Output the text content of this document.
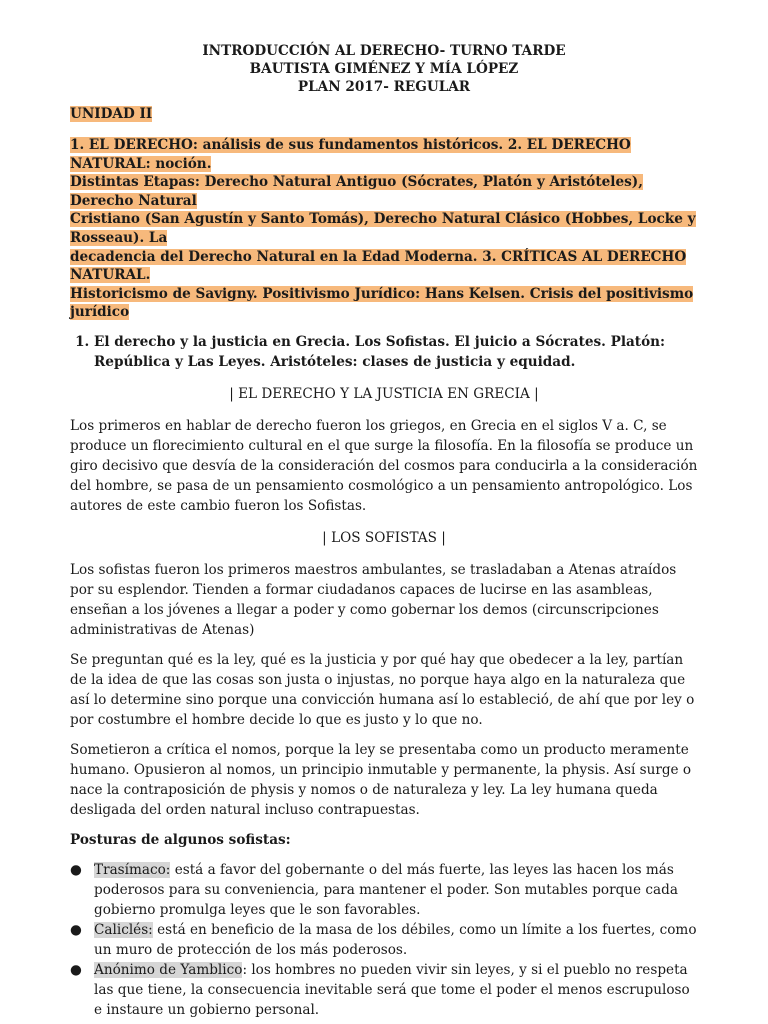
INTRODUCCIÓN AL DERECHO- TURNO TARDE
BAUTISTA GIMÉNEZ Y MÍA LÓPEZ
PLAN 2017- REGULAR
UNIDAD II
1. EL DERECHO: análisis de sus fundamentos históricos. 2. EL DERECHO NATURAL: noción.
Distintas Etapas: Derecho Natural Antiguo (Sócrates, Platón y Aristóteles), Derecho Natural
Cristiano (San Agustín y Santo Tomás), Derecho Natural Clásico (Hobbes, Locke y Rosseau). La
decadencia del Derecho Natural en la Edad Moderna. 3. CRÍTICAS AL DERECHO NATURAL.
Historicismo de Savigny. Positivismo Jurídico: Hans Kelsen. Crisis del positivismo jurídico
1. El derecho y la justicia en Grecia. Los Sofistas. El juicio a Sócrates. Platón: República y Las Leyes. Aristóteles: clases de justicia y equidad.
| EL DERECHO Y LA JUSTICIA EN GRECIA |

Los primeros en hablar de derecho fueron los griegos, en Grecia en el siglos V a. C, se produce un florecimiento cultural en el que surge la filosofía. En la filosofía se produce un giro decisivo que desvía de la consideración del cosmos para conducirla a la consideración del hombre, se pasa de un pensamiento cosmológico a un pensamiento antropológico. Los autores de este cambio fueron los Sofistas.

| LOS SOFISTAS |

Los sofistas fueron los primeros maestros ambulantes, se trasladaban a Atenas atraídos por su esplendor. Tienden a formar ciudadanos capaces de lucirse en las asambleas, enseñan a los jóvenes a llegar a poder y como gobernar los demos (circunscripciones administrativas de Atenas)

Se preguntan qué es la ley, qué es la justicia y por qué hay que obedecer a la ley, partían de la idea de que las cosas son justa o injustas, no porque haya algo en la naturaleza que así lo determine sino porque una convicción humana así lo estableció, de ahí que por ley o por costumbre el hombre decide lo que es justo y lo que no.

Sometieron a crítica el nomos, porque la ley se presentaba como un producto meramente humano. Opusieron al nomos, un principio inmutable y permanente, la physis. Así surge o nace la contraposición de physis y nomos o de naturaleza y ley. La ley humana queda desligada del orden natural incluso contrapuestas.

Posturas de algunos sofistas:

● Trasímaco: está a favor del gobernante o del más fuerte, las leyes las hacen los más poderosos para su conveniencia, para mantener el poder. Son mutables porque cada gobierno promulga leyes que le son favorables.
● Caliclés: está en beneficio de la masa de los débiles, como un límite a los fuertes, como un muro de protección de los más poderosos.
● Anónimo de Yamblico: los hombres no pueden vivir sin leyes, y si el pueblo no respeta las que tiene, la consecuencia inevitable será que tome el poder el menos escrupuloso e instaure un gobierno personal.
